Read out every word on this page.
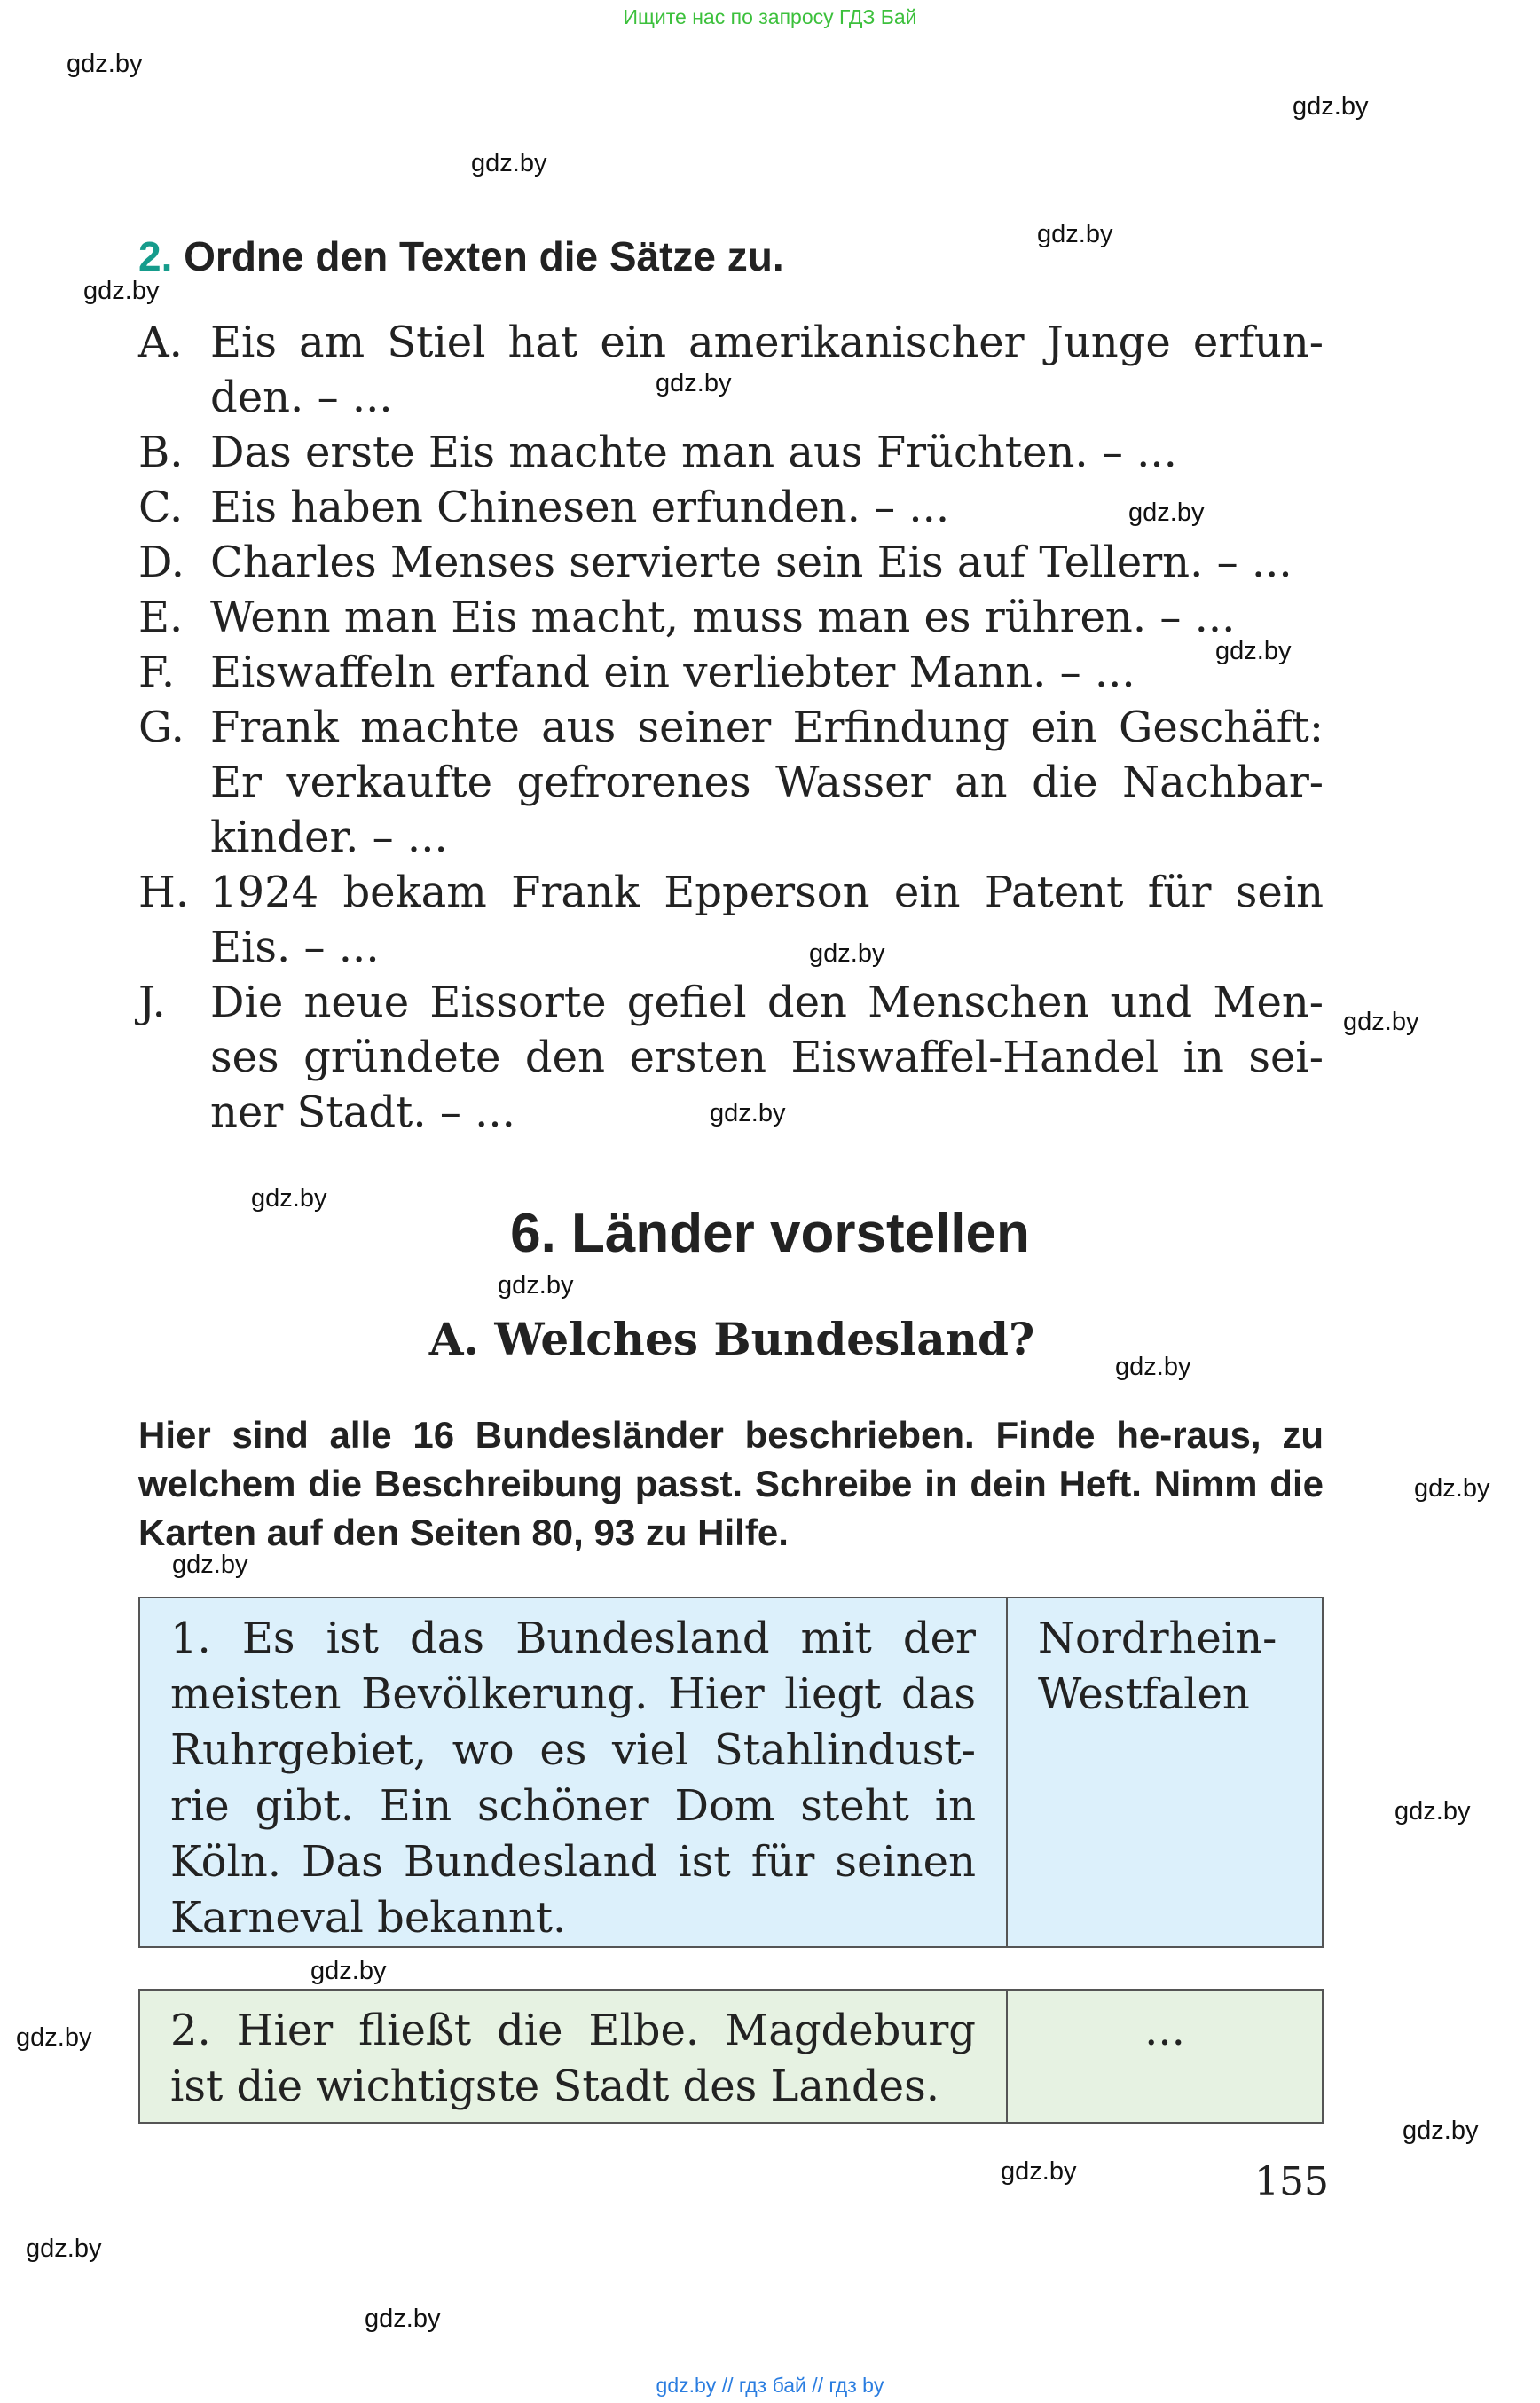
Ищите нас по запросу ГДЗ Бай
gdz.by
gdz.by
gdz.by
gdz.by
gdz.by
gdz.by
gdz.by
gdz.by
gdz.by
gdz.by
gdz.by
gdz.by
gdz.by
gdz.by
gdz.by
gdz.by
gdz.by
gdz.by
gdz.by
gdz.by
gdz.by
gdz.by
gdz.by
2. Ordne den Texten die Sätze zu.
A. Eis am Stiel hat ein amerikanischer Junge erfun-den. – ...
B. Das erste Eis machte man aus Früchten. – ...
C. Eis haben Chinesen erfunden. – ...
D. Charles Menses servierte sein Eis auf Tellern. – ...
E. Wenn man Eis macht, muss man es rühren. – ...
F. Eiswaffeln erfand ein verliebter Mann. – ...
G. Frank machte aus seiner Erfindung ein Geschäft: Er verkaufte gefrorenes Wasser an die Nachbar-kinder. – ...
H. 1924 bekam Frank Epperson ein Patent für sein Eis. – ...
J. Die neue Eissorte gefiel den Menschen und Men-ses gründete den ersten Eiswaffel-Handel in sei-ner Stadt. – ...
6. Länder vorstellen
A. Welches Bundesland?
Hier sind alle 16 Bundesländer beschrieben. Finde he-raus, zu welchem die Beschreibung passt. Schreibe in dein Heft. Nimm die Karten auf den Seiten 80, 93 zu Hilfe.
1. Es ist das Bundesland mit der meisten Bevölkerung. Hier liegt das Ruhrgebiet, wo es viel Stahlindust-rie gibt. Ein schöner Dom steht in Köln. Das Bundesland ist für seinen Karneval bekannt.
Nordrhein-Westfalen
2. Hier fließt die Elbe. Magdeburg ist die wichtigste Stadt des Landes.
...
155
gdz.by // гдз бай // гдз by
